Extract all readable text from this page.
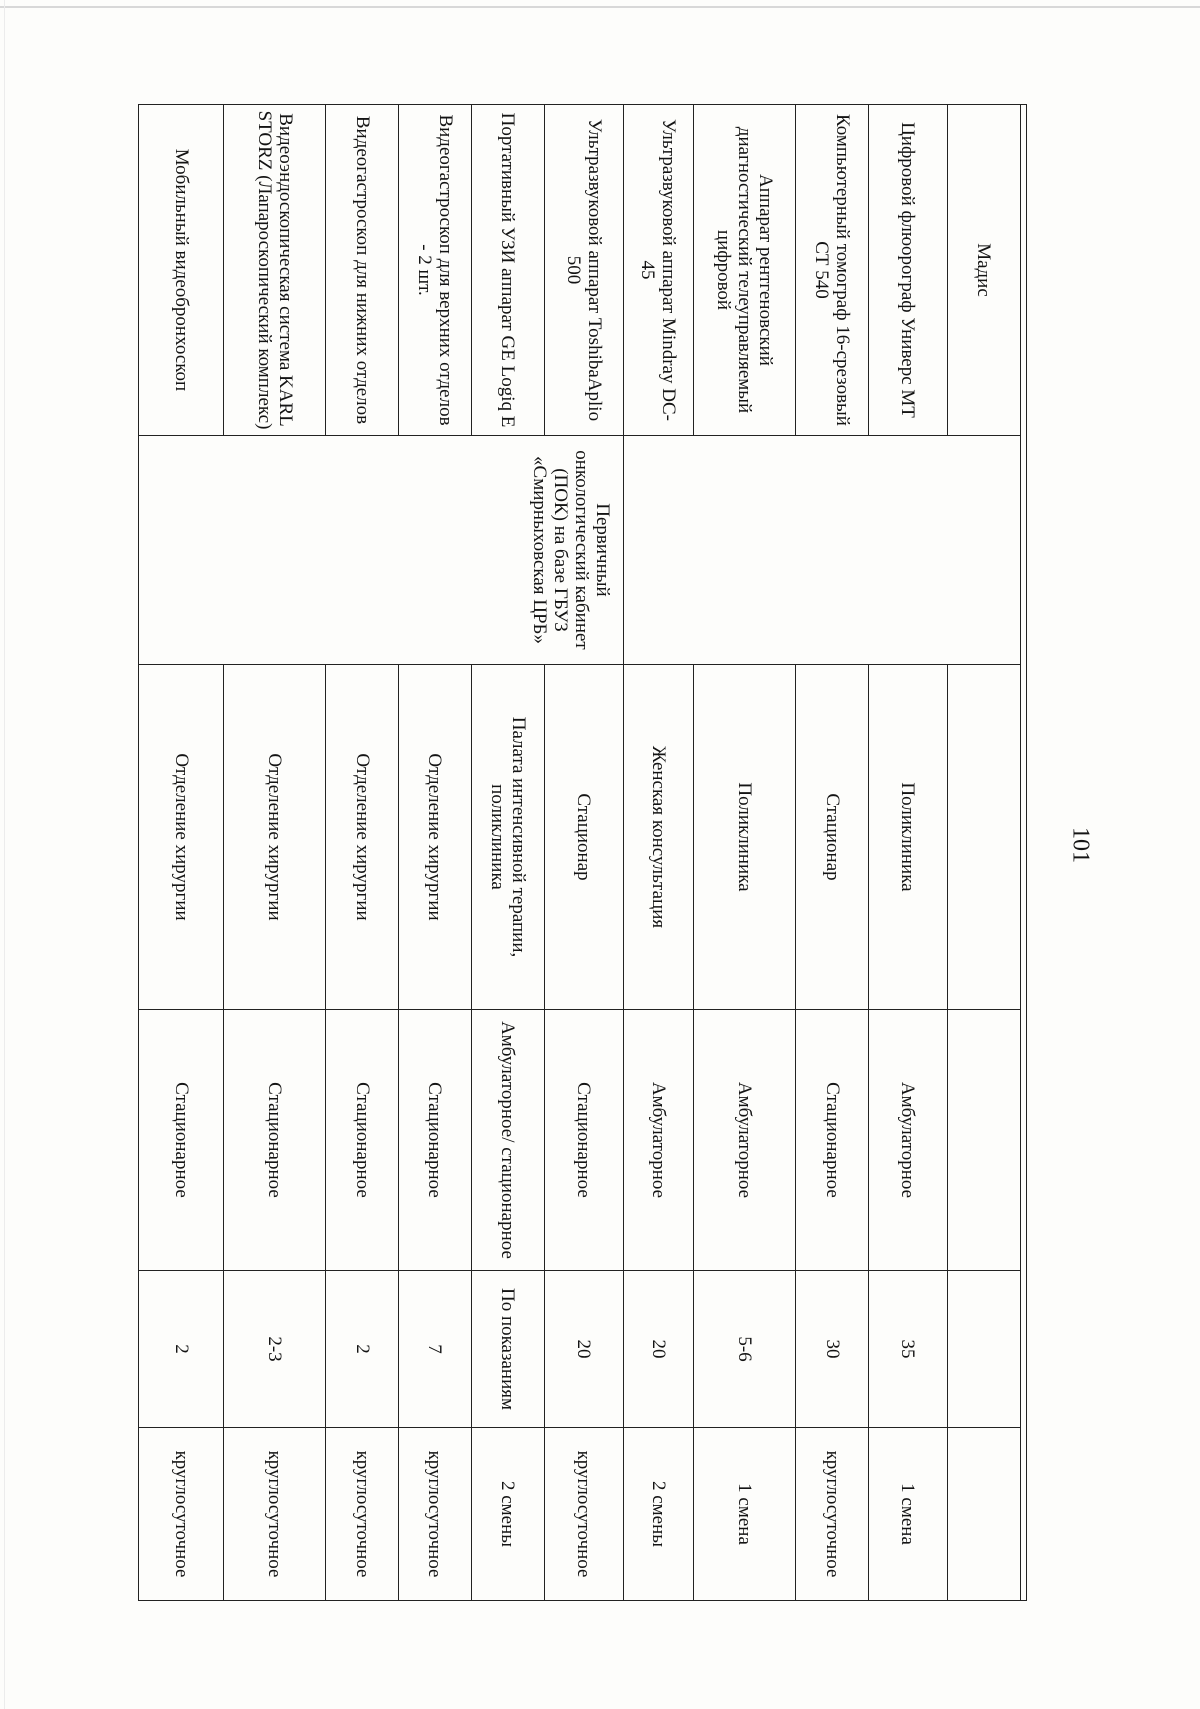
101

Мадис					
Цифровой флюорограф Универс МТ		Поликлиника	Амбулаторное	35	1 смена
Компьютерный томограф 16-срезовый СТ 540		Стационар	Стационарное	30	круглосуточное
Аппарат рентгеновский диагностический телеуправляемый цифровой		Поликлиника	Амбулаторное	5-6	1 смена
Ультразвуковой аппарат Mindray DC-45		Женская консультация	Амбулаторное	20	2 смены
Ультразвуковой аппарат ToshibaAplio 500	Первичный онкологический кабинет (ПОК) на базе ГБУЗ «Смирныховская ЦРБ»	Стационар	Стационарное	20	круглосуточное
Портативный УЗИ аппарат GE Logiq E		Палата интенсивной терапии, поликлиника	Амбулаторное/ стационарное	По показаниям	2 смены
Видеогастроскоп для верхних отделов - 2 шт.		Отделение хирургии	Стационарное	7	круглосуточное
Видеогастроскоп для нижних отделов		Отделение хирургии	Стационарное	2	круглосуточное
Видеоэндоскопическая система KARL STORZ (Лапароскопический комплекс)		Отделение хирургии	Стационарное	2-3	круглосуточное
Мобильный видеобронхоскоп		Отделение хирургии	Стационарное	2	круглосуточное
